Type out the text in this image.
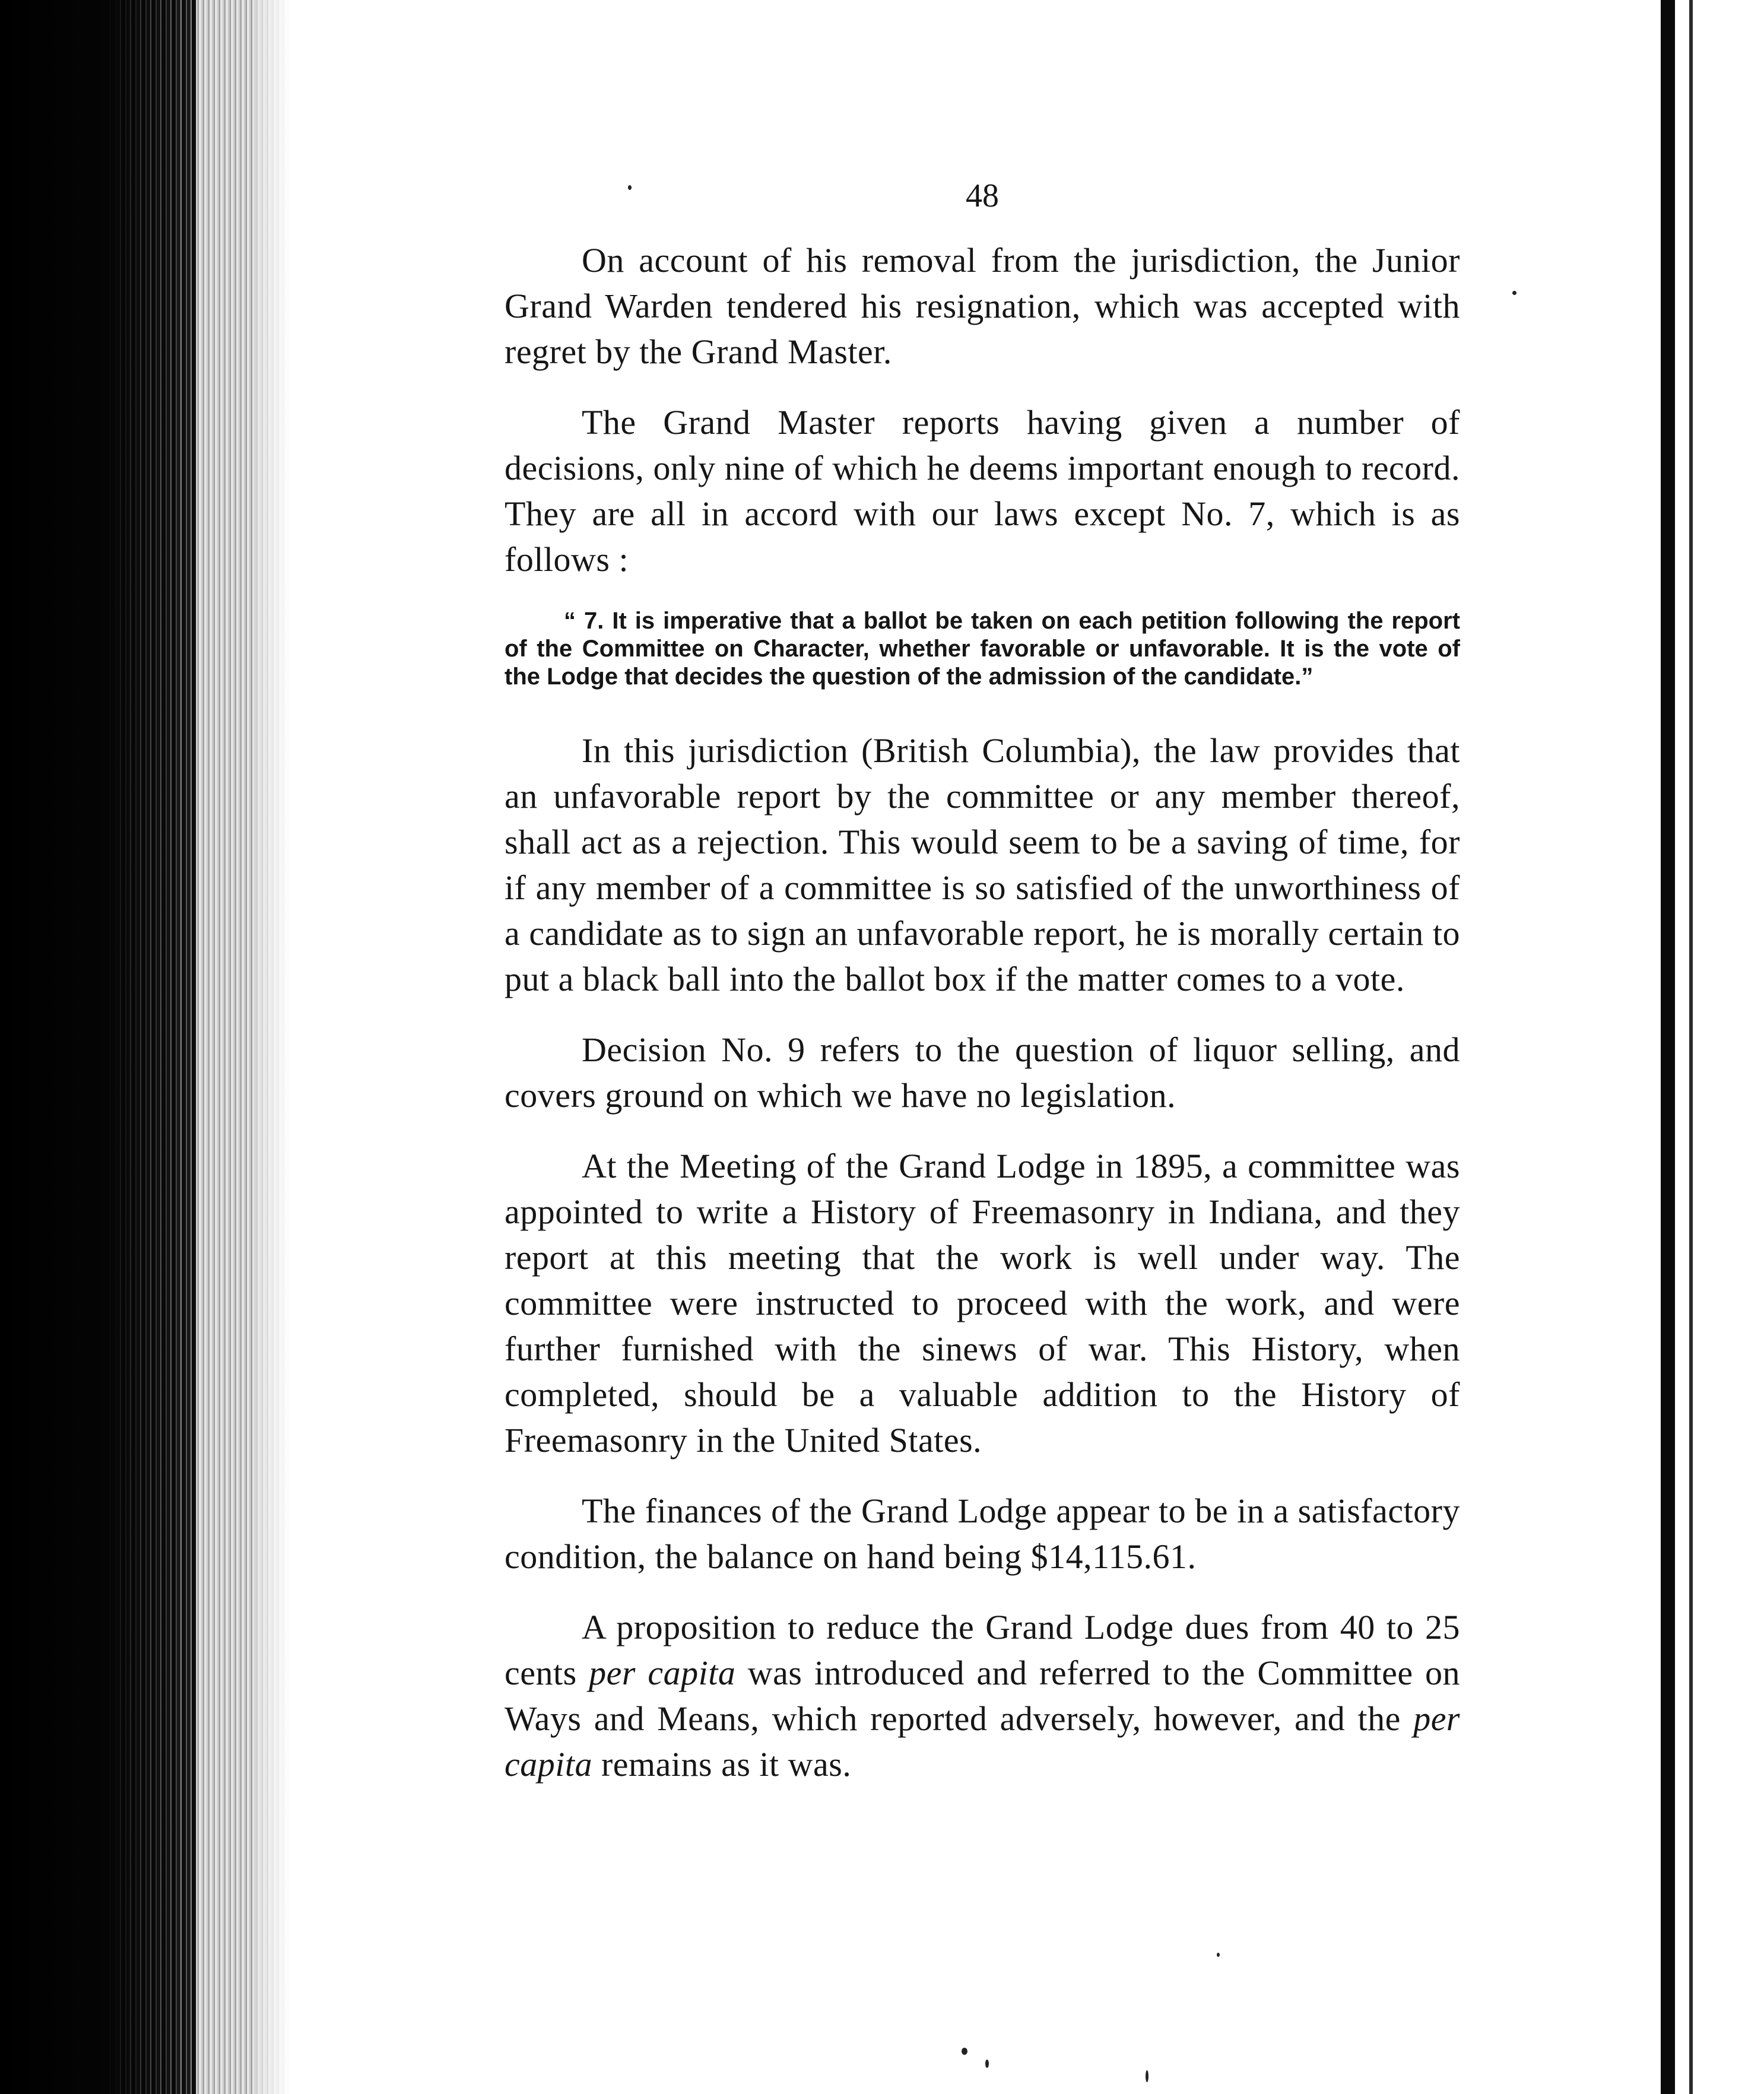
48

On account of his removal from the jurisdiction, the Junior Grand Warden tendered his resignation, which was accepted with regret by the Grand Master.

The Grand Master reports having given a number of decisions, only nine of which he deems important enough to record. They are all in accord with our laws except No. 7, which is as follows :

“ 7. It is imperative that a ballot be taken on each petition following the report of the Committee on Character, whether favorable or unfavorable. It is the vote of the Lodge that decides the question of the admission of the candidate.”

In this jurisdiction (British Columbia), the law provides that an unfavorable report by the committee or any member thereof, shall act as a rejection. This would seem to be a saving of time, for if any member of a committee is so satisfied of the unworthiness of a candidate as to sign an unfavorable report, he is morally certain to put a black ball into the ballot box if the matter comes to a vote.

Decision No. 9 refers to the question of liquor selling, and covers ground on which we have no legislation.

At the Meeting of the Grand Lodge in 1895, a committee was appointed to write a History of Freemasonry in Indiana, and they report at this meeting that the work is well under way. The committee were instructed to proceed with the work, and were further furnished with the sinews of war. This History, when completed, should be a valuable addition to the History of Freemasonry in the United States.

The finances of the Grand Lodge appear to be in a satisfactory condition, the balance on hand being $14,115.61.

A proposition to reduce the Grand Lodge dues from 40 to 25 cents per capita was introduced and referred to the Committee on Ways and Means, which reported adversely, however, and the per capita remains as it was.
